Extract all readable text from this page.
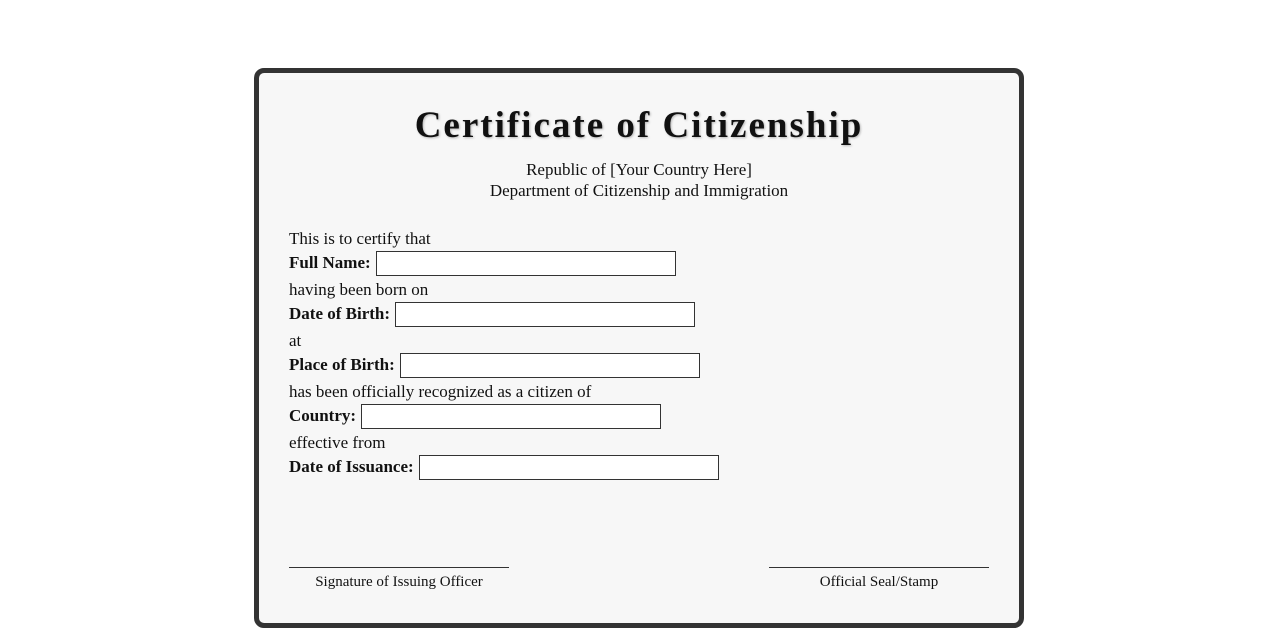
Certificate of Citizenship
Republic of [Your Country Here]
Department of Citizenship and Immigration
This is to certify that
Full Name:
having been born on
Date of Birth:
at
Place of Birth:
has been officially recognized as a citizen of
Country:
effective from
Date of Issuance:
Signature of Issuing Officer	Official Seal/Stamp
